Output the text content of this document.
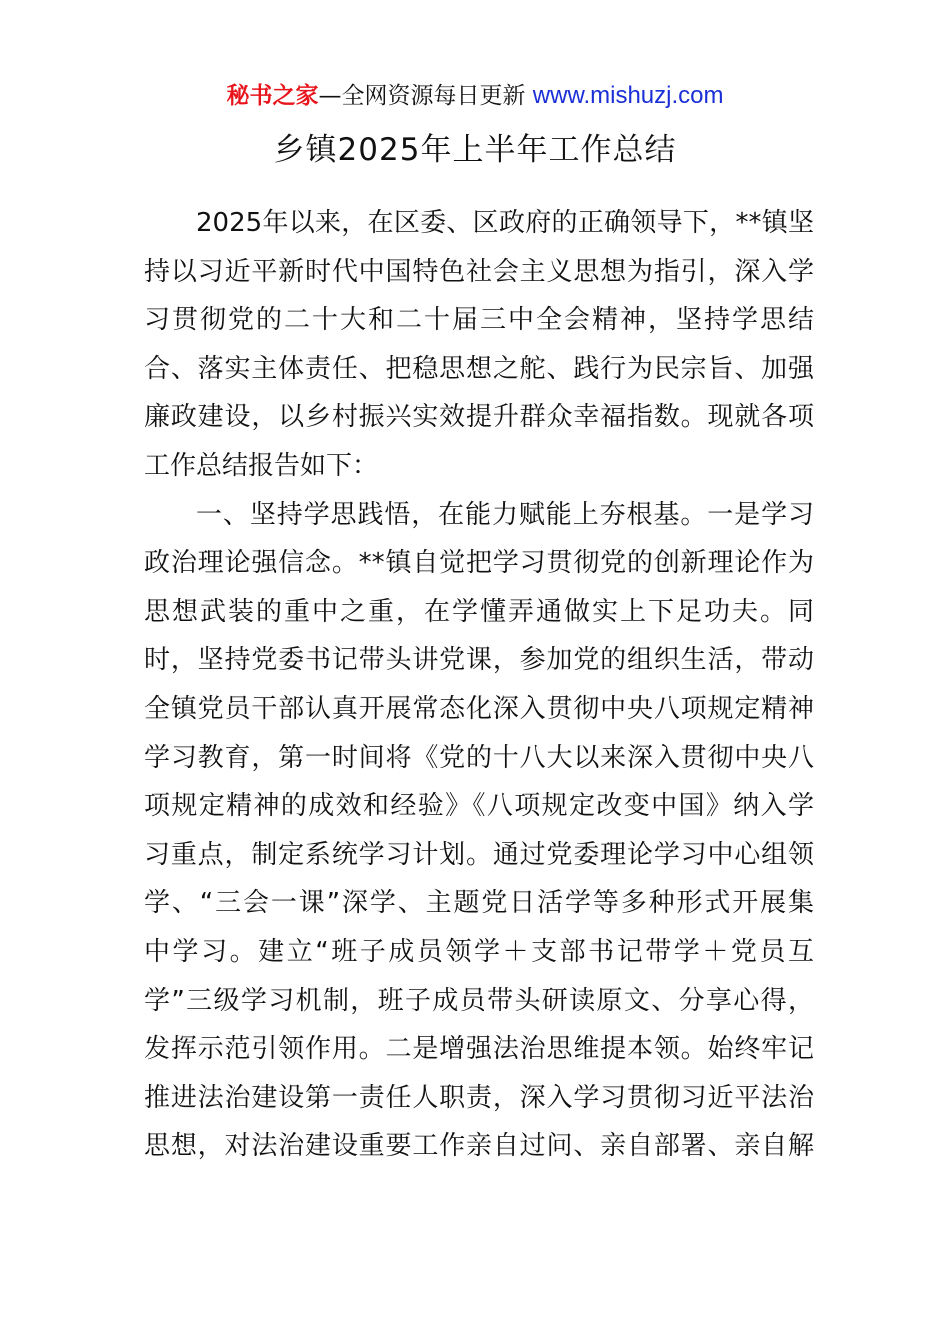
秘书之家—全网资源每日更新 www.mishuzj.com
乡镇2025年上半年工作总结
2025年以来，在区委、区政府的正确领导下，**镇坚
持以习近平新时代中国特色社会主义思想为指引，深入学
习贯彻党的二十大和二十届三中全会精神，坚持学思结
合、落实主体责任、把稳思想之舵、践行为民宗旨、加强
廉政建设，以乡村振兴实效提升群众幸福指数。现就各项
工作总结报告如下：
一、坚持学思践悟，在能力赋能上夯根基。一是学习
政治理论强信念。**镇自觉把学习贯彻党的创新理论作为
思想武装的重中之重，在学懂弄通做实上下足功夫。同
时，坚持党委书记带头讲党课，参加党的组织生活，带动
全镇党员干部认真开展常态化深入贯彻中央八项规定精神
学习教育，第一时间将《党的十八大以来深入贯彻中央八
项规定精神的成效和经验》《八项规定改变中国》纳入学
习重点，制定系统学习计划。通过党委理论学习中心组领
学、“三会一课”深学、主题党日活学等多种形式开展集
中学习。建立“班子成员领学＋支部书记带学＋党员互
学”三级学习机制，班子成员带头研读原文、分享心得，
发挥示范引领作用。二是增强法治思维提本领。始终牢记
推进法治建设第一责任人职责，深入学习贯彻习近平法治
思想，对法治建设重要工作亲自过问、亲自部署、亲自解
